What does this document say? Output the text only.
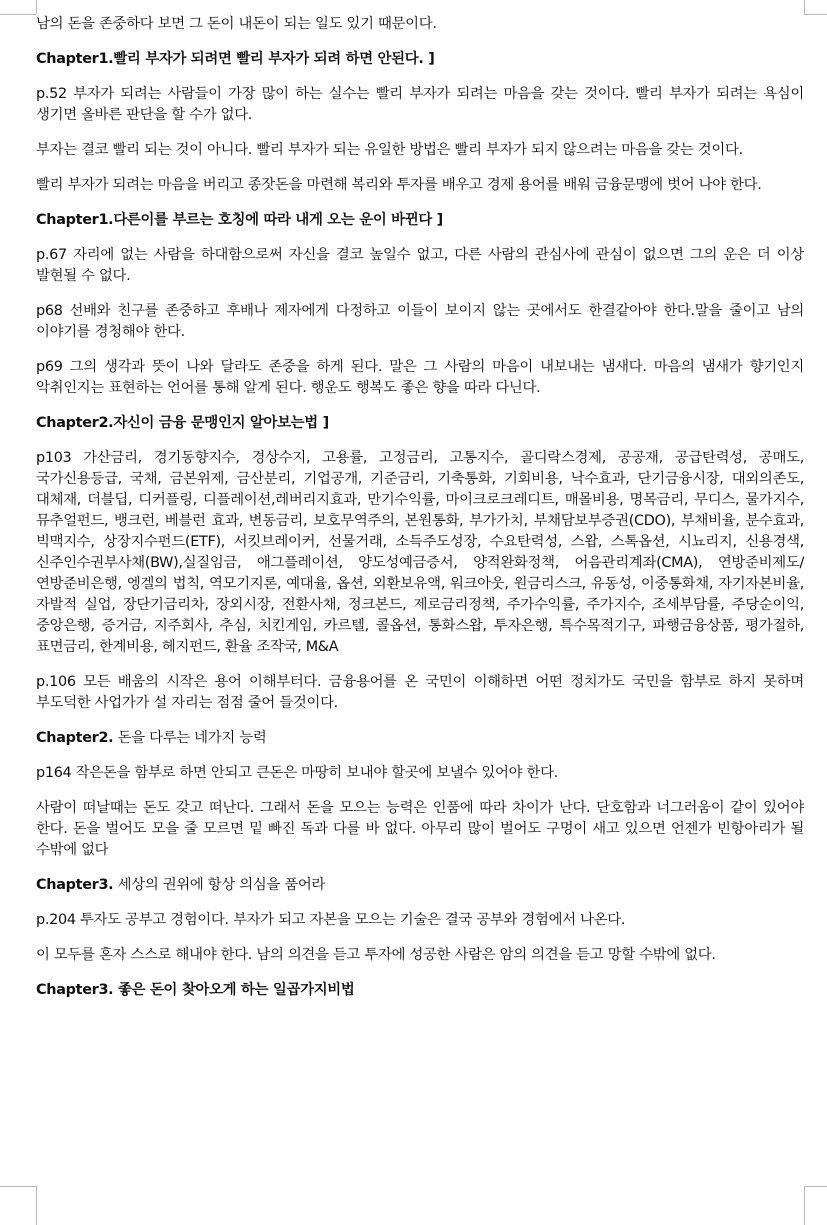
남의 돈을 존중하다 보면 그 돈이 내돈이 되는 일도 있기 때문이다.

Chapter1.빨리 부자가 되려면 빨리 부자가 되려 하면 안된다. ]

p.52 부자가 되려는 사람들이 가장 많이 하는 실수는 빨리 부자가 되려는 마음을 갖는 것이다. 빨리 부자가 되려는 욕심이 생기면 올바른 판단을 할 수가 없다.

부자는 결코 빨리 되는 것이 아니다. 빨리 부자가 되는 유일한 방법은 빨리 부자가 되지 않으려는 마음을 갖는 것이다.

빨리 부자가 되려는 마음을 버리고 종잣돈을 마련해 복리와 투자를 배우고 경제 용어를 배워 금융문맹에 벗어 나야 한다.

Chapter1.다른이를 부르는 호칭에 따라 내게 오는 운이 바뀐다 ]

p.67 자리에 없는 사람을 하대함으로써 자신을 결코 높일수 없고, 다른 사람의 관심사에 관심이 없으면 그의 운은 더 이상 발현될 수 없다.

p68 선배와 친구를 존중하고 후배나 제자에게 다정하고 이들이 보이지 않는 곳에서도 한결같아야 한다.말을 줄이고 남의 이야기를 경청해야 한다.

p69 그의 생각과 뜻이 나와 달라도 존중을 하게 된다. 말은 그 사람의 마음이 내보내는 냄새다. 마음의 냄새가 향기인지 악취인지는 표현하는 언어를 통해 알게 된다. 행운도 행복도 좋은 향을 따라 다닌다.

Chapter2.자신이 금융 문맹인지 알아보는법 ]

p103 가산금리, 경기동향지수, 경상수지, 고용률, 고정금리, 고통지수, 골디락스경제, 공공재, 공급탄력성, 공매도, 국가신용등급, 국채, 금본위제, 금산분리, 기업공개, 기준금리, 기축통화, 기회비용, 낙수효과, 단기금융시장, 대외의존도, 대체재, 더블딥, 디커플링, 디플레이션,레버리지효과, 만기수익률, 마이크로크레디트, 매몰비용, 명목금리, 무디스, 물가지수, 뮤추얼펀드, 뱅크런, 베블런 효과, 변동금리, 보호무역주의, 본원통화, 부가가치, 부채담보부증권(CDO), 부채비율, 분수효과, 빅맥지수, 상장지수펀드(ETF), 서킷브레이커, 선물거래, 소득주도성장, 수요탄력성, 스왑, 스톡옵션, 시뇨리지, 신용경색, 신주인수권부사채(BW),실질임금, 애그플레이션, 양도성예금증서, 양적완화정책, 어음관리계좌(CMA), 연방준비제도/연방준비은행, 엥겔의 법칙, 역모기지론, 예대율, 옵션, 외환보유액, 워크아웃, 원금리스크, 유동성, 이중통화채, 자기자본비율,자발적 실업, 장단기금리차, 장외시장, 전환사채, 정크본드, 제로금리정책, 주가수익률, 주가지수, 조세부담률, 주당순이익, 중앙은행, 증거금, 지주회사, 추심, 치킨게임, 카르텔, 콜옵션, 통화스왑, 투자은행, 특수목적기구, 파행금융상품, 평가절하, 표면금리, 한계비용, 헤지펀드, 환율 조작국, M&A

p.106 모든 배움의 시작은 용어 이해부터다. 금융용어를 온 국민이 이해하면 어떤 정치가도 국민을 함부로 하지 못하며 부도덕한 사업가가 설 자리는 점점 줄어 들것이다.

Chapter2. 돈을 다루는 네가지 능력

p164 작은돈을 함부로 하면 안되고 큰돈은 마땅히 보내야 할곳에 보낼수 있어야 한다.

사람이 떠날때는 돈도 갖고 떠난다. 그래서 돈을 모으는 능력은 인품에 따라 차이가 난다. 단호함과 너그러움이 같이 있어야 한다. 돈을 벌어도 모을 줄 모르면 밑 빠진 독과 다를 바 없다. 아무리 많이 벌어도 구멍이 새고 있으면 언젠가 빈항아리가 될 수밖에 없다

Chapter3. 세상의 권위에 항상 의심을 품어라

p.204 투자도 공부고 경험이다. 부자가 되고 자본을 모으는 기술은 결국 공부와 경험에서 나온다.

이 모두를 혼자 스스로 해내야 한다. 남의 의견을 듣고 투자에 성공한 사람은 암의 의견을 듣고 망할 수밖에 없다.

Chapter3. 좋은 돈이 찾아오게 하는 일곱가지비법
